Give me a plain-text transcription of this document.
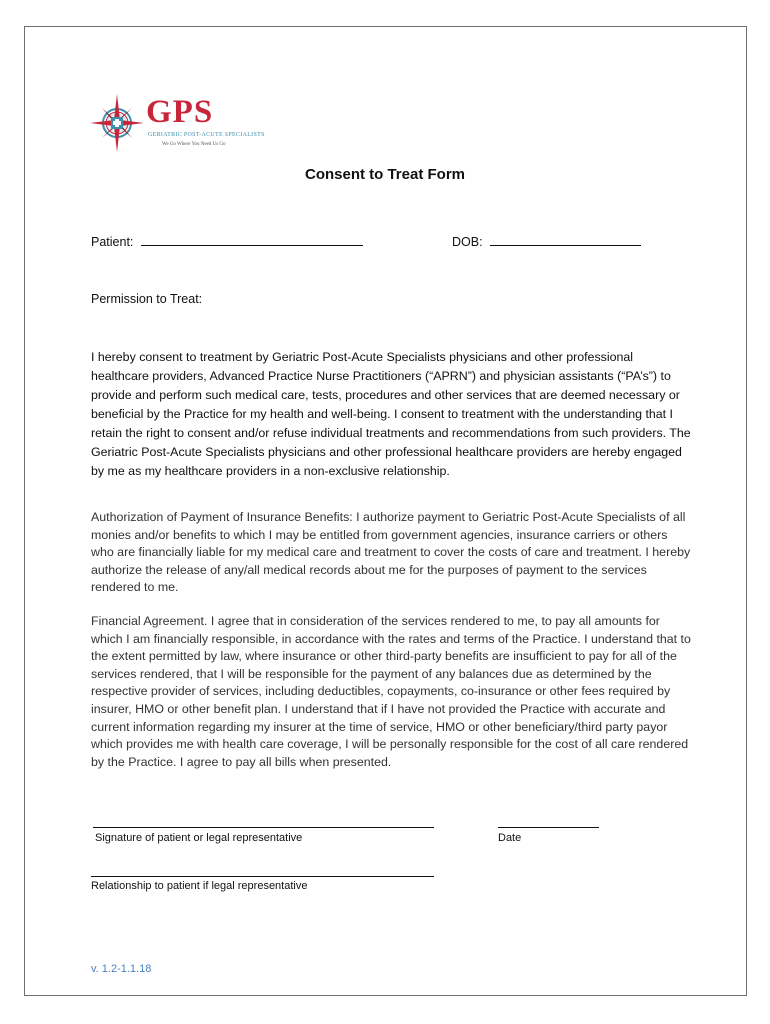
GPS
GERIATRIC POST-ACUTE SPECIALISTS
We Go Where You Need Us Go
Consent to Treat Form
Patient:	DOB:
Permission to Treat:

I hereby consent to treatment by Geriatric Post-Acute Specialists physicians and other professional healthcare providers, Advanced Practice Nurse Practitioners (“APRN”) and physician assistants (“PA’s”) to provide and perform such medical care, tests, procedures and other services that are deemed necessary or beneficial by the Practice for my health and well-being. I consent to treatment with the understanding that I retain the right to consent and/or refuse individual treatments and recommendations from such providers. The Geriatric Post-Acute Specialists physicians and other professional healthcare providers are hereby engaged by me as my healthcare providers in a non-exclusive relationship.

Authorization of Payment of Insurance Benefits: I authorize payment to Geriatric Post-Acute Specialists of all monies and/or benefits to which I may be entitled from government agencies, insurance carriers or others who are financially liable for my medical care and treatment to cover the costs of care and treatment. I hereby authorize the release of any/all medical records about me for the purposes of payment to the services rendered to me.

Financial Agreement. I agree that in consideration of the services rendered to me, to pay all amounts for which I am financially responsible, in accordance with the rates and terms of the Practice. I understand that to the extent permitted by law, where insurance or other third-party benefits are insufficient to pay for all of the services rendered, that I will be responsible for the payment of any balances due as determined by the respective provider of services, including deductibles, copayments, co-insurance or other fees required by insurer, HMO or other benefit plan. I understand that if I have not provided the Practice with accurate and current information regarding my insurer at the time of service, HMO or other beneficiary/third party payor which provides me with health care coverage, I will be personally responsible for the cost of all care rendered by the Practice. I agree to pay all bills when presented.

Signature of patient or legal representative	Date
Relationship to patient if legal representative
v. 1.2-1.1.18
